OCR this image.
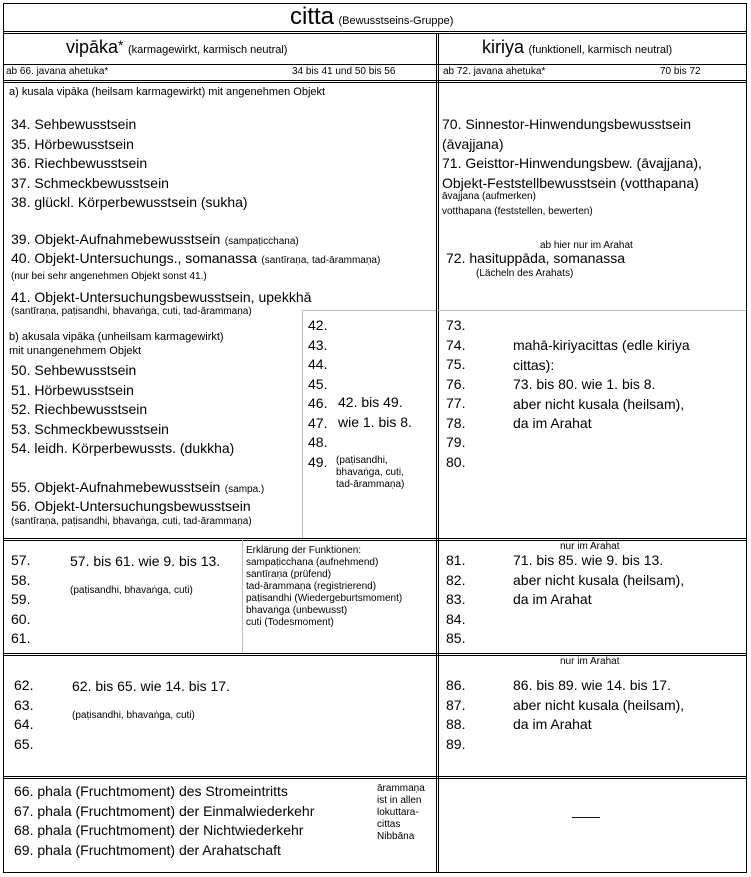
citta (Bewusstseins-Gruppe)
vipāka* (karmagewirkt, karmisch neutral)	kiriya (funktionell, karmisch neutral)
ab 66. javana ahetuka*	34 bis 41 und 50 bis 56	ab 72. javana ahetuka*	70 bis 72
a) kusala vipāka (heilsam karmagewirkt) mit angenehmen Objekt
34. Sehbewusstsein
35. Hörbewusstsein
36. Riechbewusstsein
37. Schmeckbewusstsein
38. glückl. Körperbewusstsein (sukha)
39. Objekt-Aufnahmebewusstsein (sampaṭicchana)
40. Objekt-Untersuchungs., somanassa (santīraṇa, tad-ārammaṇa)
(nur bei sehr angenehmen Objekt sonst 41.)
41. Objekt-Untersuchungsbewusstsein, upekkhā
(santīraṇa, paṭisandhi, bhavaṅga, cuti, tad-ārammaṇa)
b) akusala vipāka (unheilsam karmagewirkt)
mit unangenehmem Objekt
50. Sehbewusstsein
51. Hörbewusstsein
52. Riechbewusstsein
53. Schmeckbewusstsein
54. leidh. Körperbewussts. (dukkha)
55. Objekt-Aufnahmebewusstsein (sampa.)
56. Objekt-Untersuchungsbewusstsein
(santīraṇa, paṭisandhi, bhavaṅga, cuti, tad-ārammaṇa)
42.
43.
44.
45.
46.
47.
48.
49.
42. bis 49.
wie 1. bis 8.
(paṭisandhi,
bhavaṅga, cuti,
tad-ārammaṇa)
70. Sinnestor-Hinwendungsbewusstsein
(āvajjana)
71. Geisttor-Hinwendungsbew. (āvajjana),
Objekt-Feststellbewusstsein (votthapana)
āvajjana (aufmerken)
votthapana (feststellen, bewerten)
ab hier nur im Arahat
72. hasituppāda, somanassa
(Lächeln des Arahats)
73.
74.
75.
76.
77.
78.
79.
80.
mahā-kiriyacittas (edle kiriya
cittas):
73. bis 80. wie 1. bis 8.
aber nicht kusala (heilsam),
da im Arahat
57.
58.
59.
60.
61.
57. bis 61. wie 9. bis 13.
(paṭisandhi, bhavaṅga, cuti)
Erklärung der Funktionen:
sampaṭicchana (aufnehmend)
santīraṇa (prüfend)
tad-ārammaṇa (registrierend)
paṭisandhi (Wiedergeburtsmoment)
bhavaṅga (unbewusst)
cuti (Todesmoment)
nur im Arahat
81.
82.
83.
84.
85.
71. bis 85. wie 9. bis 13.
aber nicht kusala (heilsam),
da im Arahat
62.
63.
64.
65.
62. bis 65. wie 14. bis 17.
(paṭisandhi, bhavaṅga, cuti)
nur im Arahat
86.
87.
88.
89.
86. bis 89. wie 14. bis 17.
aber nicht kusala (heilsam),
da im Arahat
66. phala (Fruchtmoment) des Stromeintritts
67. phala (Fruchtmoment) der Einmalwiederkehr
68. phala (Fruchtmoment) der Nichtwiederkehr
69. phala (Fruchtmoment) der Arahatschaft
ārammaṇa
ist in allen
lokuttara-
cittas
Nibbāna
——
